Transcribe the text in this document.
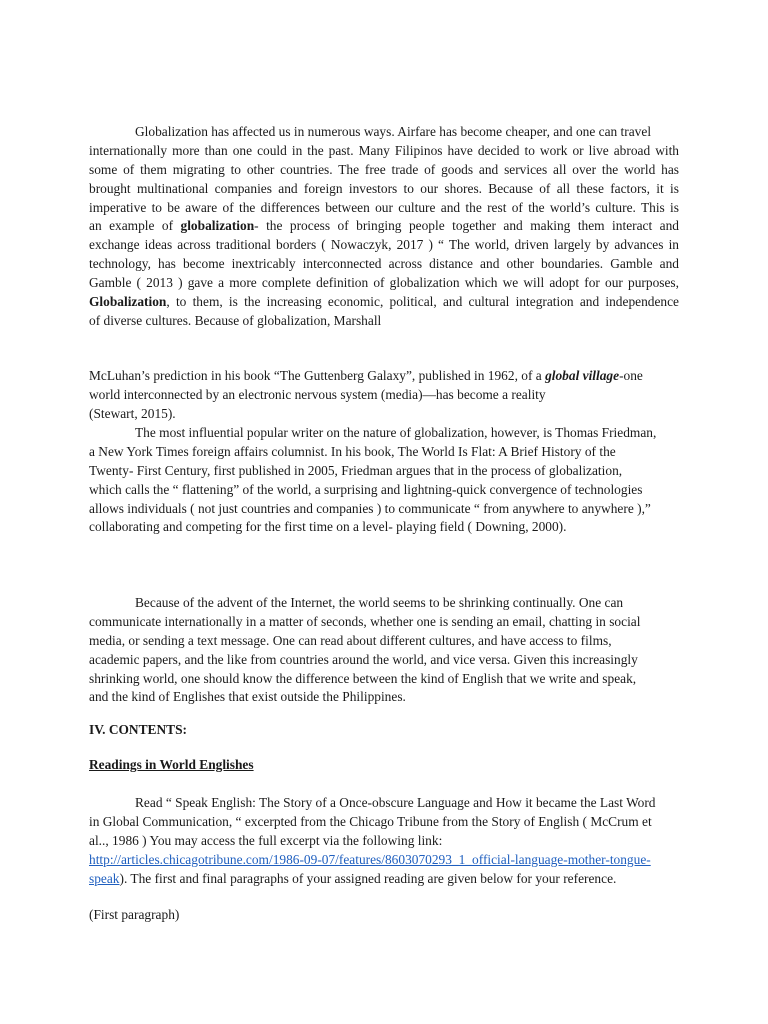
Globalization has affected us in numerous ways. Airfare has become cheaper, and one can travel
internationally more than one could in the past. Many Filipinos have decided to work or live abroad with
some of them migrating to other countries. The free trade of goods and services all over the world has
brought multinational companies and foreign investors to our shores. Because of all these factors, it is
imperative to be aware of the differences between our culture and the rest of the world’s culture. This is
an example of globalization- the process of bringing people together and making them interact and
exchange ideas across traditional borders ( Nowaczyk, 2017 ) “ The world, driven largely by advances in
technology, has become inextricably interconnected across distance and other boundaries. Gamble and
Gamble ( 2013 ) gave a more complete definition of globalization which we will adopt for our purposes,
Globalization, to them, is the increasing economic, political, and cultural integration and independence
of diverse cultures. Because of globalization, Marshall
McLuhan’s prediction in his book “The Guttenberg Galaxy”, published in 1962, of a global village-one
world interconnected by an electronic nervous system (media)—has become a reality
(Stewart, 2015).
The most influential popular writer on the nature of globalization, however, is Thomas Friedman,
a New York Times foreign affairs columnist. In his book, The World Is Flat: A Brief History of the
Twenty- First Century, first published in 2005, Friedman argues that in the process of globalization,
which calls the “ flattening” of the world, a surprising and lightning-quick convergence of technologies
allows individuals ( not just countries and companies ) to communicate “ from anywhere to anywhere ),”
collaborating and competing for the first time on a level- playing field ( Downing, 2000).
Because of the advent of the Internet, the world seems to be shrinking continually. One can
communicate internationally in a matter of seconds, whether one is sending an email, chatting in social
media, or sending a text message. One can read about different cultures, and have access to films,
academic papers, and the like from countries around the world, and vice versa. Given this increasingly
shrinking world, one should know the difference between the kind of English that we write and speak,
and the kind of Englishes that exist outside the Philippines.
IV. CONTENTS:
Readings in World Englishes
Read “ Speak English: The Story of a Once-obscure Language and How it became the Last Word
in Global Communication, “ excerpted from the Chicago Tribune from the Story of English ( McCrum et
al.., 1986 ) You may access the full excerpt via the following link:
http://articles.chicagotribune.com/1986-09-07/features/8603070293_1_official-language-mother-tongue-
speak). The first and final paragraphs of your assigned reading are given below for your reference.
(First paragraph)
